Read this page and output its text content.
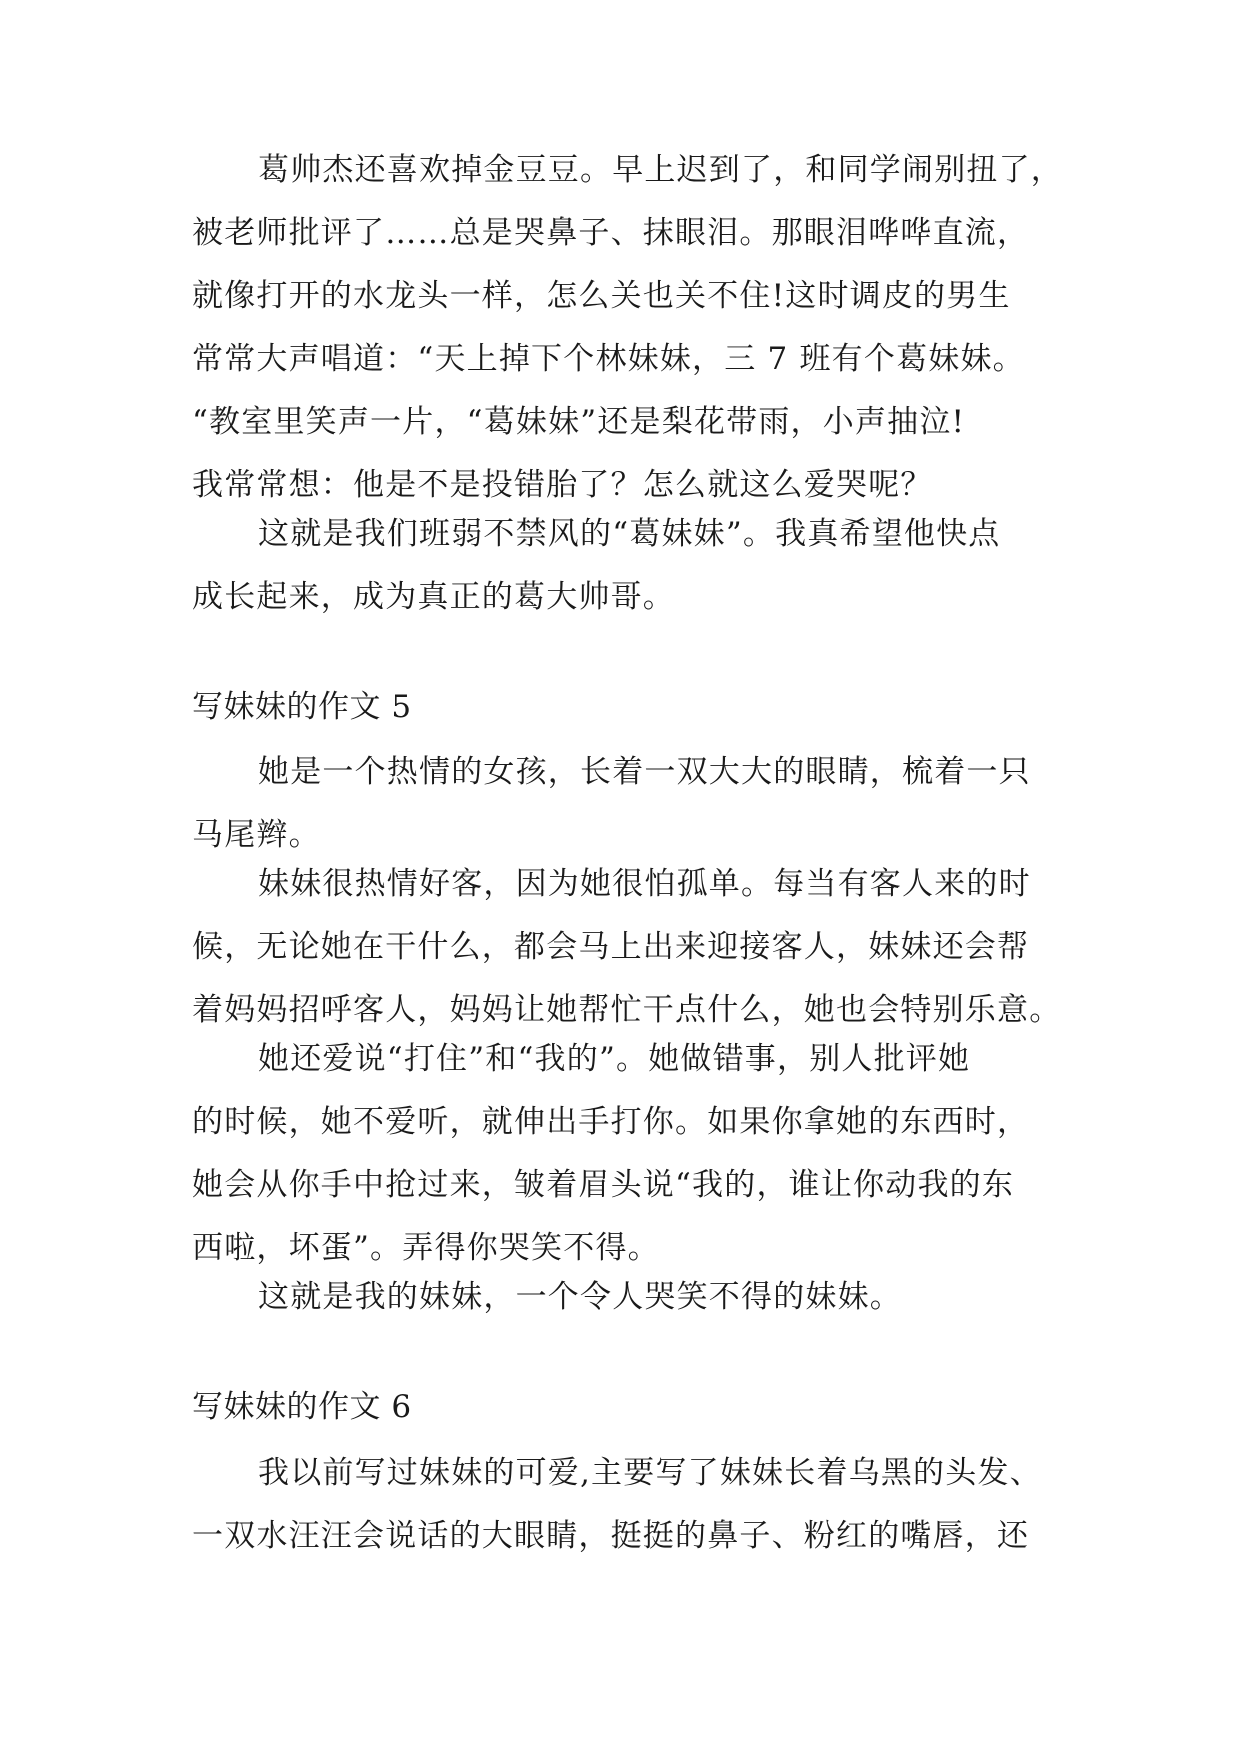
葛帅杰还喜欢掉金豆豆。早上迟到了，和同学闹别扭了，
被老师批评了……总是哭鼻子、抹眼泪。那眼泪哗哗直流，
就像打开的水龙头一样，怎么关也关不住!这时调皮的男生
常常大声唱道：“天上掉下个林妹妹，三 7 班有个葛妹妹。
“教室里笑声一片，“葛妹妹”还是梨花带雨，小声抽泣!
我常常想：他是不是投错胎了？怎么就这么爱哭呢？
这就是我们班弱不禁风的“葛妹妹”。我真希望他快点
成长起来，成为真正的葛大帅哥。
写妹妹的作文 5
她是一个热情的女孩，长着一双大大的眼睛，梳着一只
马尾辫。
妹妹很热情好客，因为她很怕孤单。每当有客人来的时
候，无论她在干什么，都会马上出来迎接客人，妹妹还会帮
着妈妈招呼客人，妈妈让她帮忙干点什么，她也会特别乐意。
她还爱说“打住”和“我的”。她做错事，别人批评她
的时候，她不爱听，就伸出手打你。如果你拿她的东西时，
她会从你手中抢过来，皱着眉头说“我的，谁让你动我的东
西啦，坏蛋”。弄得你哭笑不得。
这就是我的妹妹，一个令人哭笑不得的妹妹。
写妹妹的作文 6
我以前写过妹妹的可爱,主要写了妹妹长着乌黑的头发、
一双水汪汪会说话的大眼睛，挺挺的鼻子、粉红的嘴唇，还
